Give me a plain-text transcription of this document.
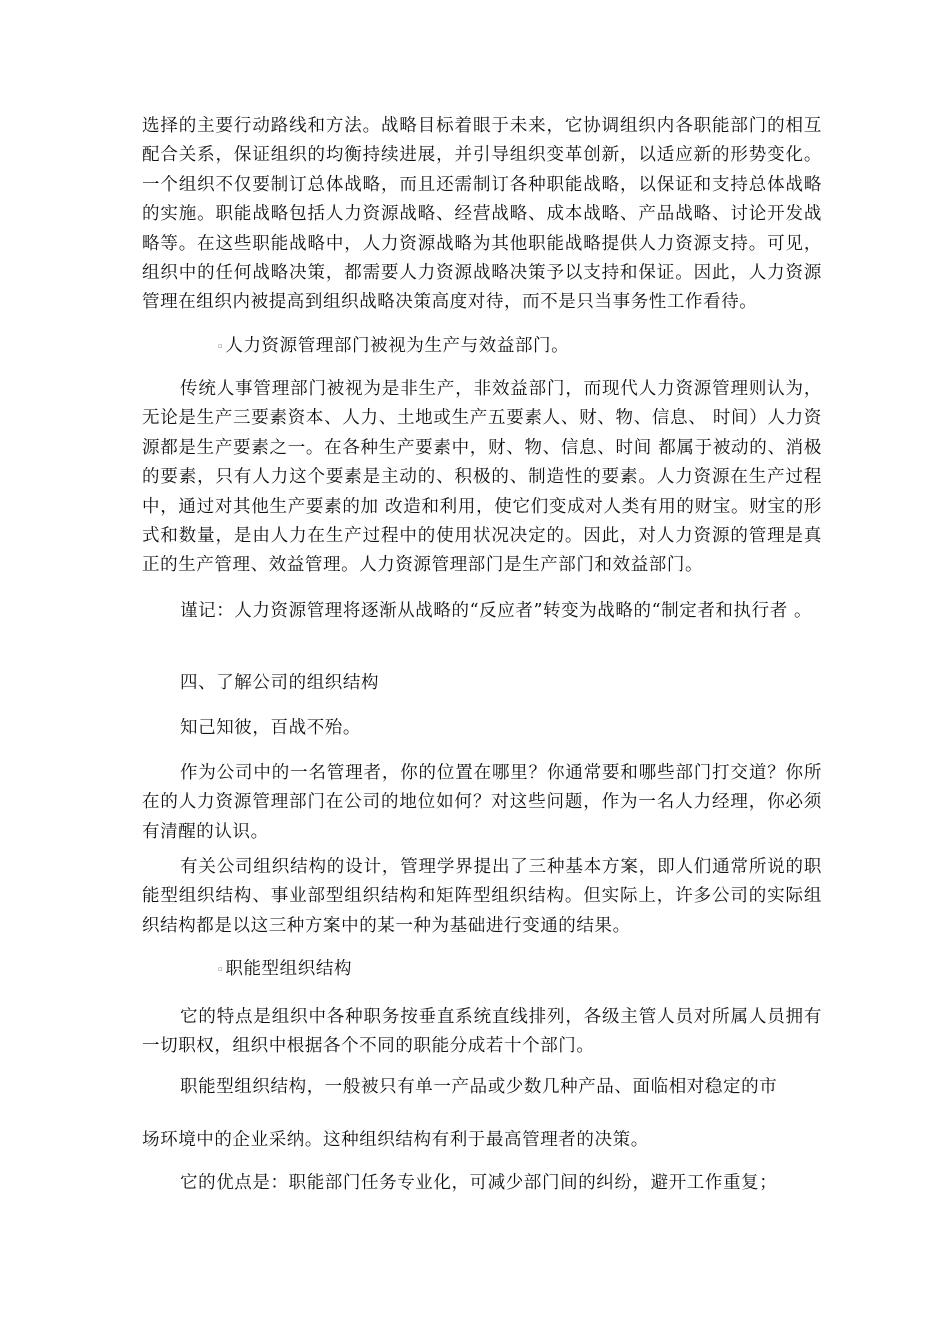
选择的主要行动路线和方法。战略目标着眼于未来，它协调组织内各职能部门的相互配合关系，保证组织的均衡持续进展，并引导组织变革创新，以适应新的形势变化。一个组织不仅要制订总体战略，而且还需制订各种职能战略，以保证和支持总体战略的实施。职能战略包括人力资源战略、经营战略、成本战略、产品战略、讨论开发战略等。在这些职能战略中，人力资源战略为其他职能战略提供人力资源支持。可见，组织中的任何战略决策，都需要人力资源战略决策予以支持和保证。因此，人力资源管理在组织内被提高到组织战略决策高度对待，而不是只当事务性工作看待。

▫ 人力资源管理部门被视为生产与效益部门。

传统人事管理部门被视为是非生产，非效益部门，而现代人力资源管理则认为，无论是生产三要素资本、人力、土地或生产五要素人、财、物、信息、 时间）人力资源都是生产要素之一。在各种生产要素中，财、物、信息、时间 都属于被动的、消极的要素，只有人力这个要素是主动的、积极的、制造性的要素。人力资源在生产过程中，通过对其他生产要素的加 改造和利用，使它们变成对人类有用的财宝。财宝的形式和数量，是由人力在生产过程中的使用状况决定的。因此，对人力资源的管理是真正的生产管理、效益管理。人力资源管理部门是生产部门和效益部门。

谨记：人力资源管理将逐渐从战略的“反应者”转变为战略的“制定者和执行者 。

四、了解公司的组织结构

知己知彼，百战不殆。

作为公司中的一名管理者，你的位置在哪里？你通常要和哪些部门打交道？你所在的人力资源管理部门在公司的地位如何？对这些问题，作为一名人力经理，你必须有清醒的认识。

有关公司组织结构的设计，管理学界提出了三种基本方案，即人们通常所说的职能型组织结构、事业部型组织结构和矩阵型组织结构。但实际上，许多公司的实际组织结构都是以这三种方案中的某一种为基础进行变通的结果。

▫ 职能型组织结构

它的特点是组织中各种职务按垂直系统直线排列，各级主管人员对所属人员拥有一切职权，组织中根据各个不同的职能分成若十个部门。

职能型组织结构，一般被只有单一产品或少数几种产品、面临相对稳定的市

场环境中的企业采纳。这种组织结构有利于最高管理者的决策。

它的优点是：职能部门任务专业化，可减少部门间的纠纷，避开工作重复；
